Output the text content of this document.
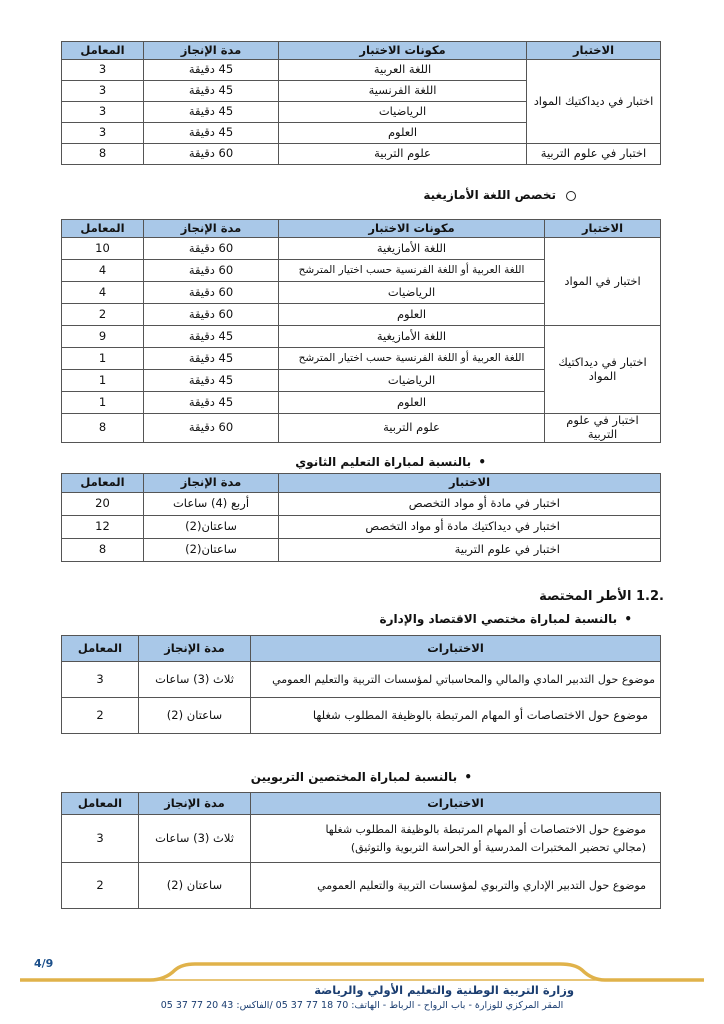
الاختبار	مكونات الاختبار	مدة الإنجاز	المعامل
اختبار في ديداكتيك المواد	اللغة العربية	45 دقيقة	3
	اللغة الفرنسية	45 دقيقة	3
	الرياضيات	45 دقيقة	3
	العلوم	45 دقيقة	3
اختبار في علوم التربية	علوم التربية	60 دقيقة	8
تخصص اللغة الأمازيغية
الاختبار	مكونات الاختبار	مدة الإنجاز	المعامل
اختبار في المواد	اللغة الأمازيغية	60 دقيقة	10
	اللغة العربية أو اللغة الفرنسية حسب اختيار المترشح	60 دقيقة	4
	الرياضيات	60 دقيقة	4
	العلوم	60 دقيقة	2
اختبار في ديداكتيك المواد	اللغة الأمازيغية	45 دقيقة	9
	اللغة العربية أو اللغة الفرنسية حسب اختيار المترشح	45 دقيقة	1
	الرياضيات	45 دقيقة	1
	العلوم	45 دقيقة	1
اختبار في علوم التربية	علوم التربية	60 دقيقة	8
• بالنسبة لمباراة التعليم الثانوي
الاختبار	مدة الإنجاز	المعامل
اختبار في مادة أو مواد التخصص	أربع (4) ساعات	20
اختبار في ديداكتيك مادة أو مواد التخصص	ساعتان(2)	12
اختبار في علوم التربية	ساعتان(2)	8
.1.2 الأطر المختصة
• بالنسبة لمباراة مختصي الاقتصاد والإدارة
الاختبارات	مدة الإنجاز	المعامل
موضوع حول التدبير المادي والمالي والمحاسباتي لمؤسسات التربية والتعليم العمومي	ثلاث (3) ساعات	3
موضوع حول الاختصاصات أو المهام المرتبطة بالوظيفة المطلوب شغلها	ساعتان (2)	2
• بالنسبة لمباراة المختصين التربويين
الاختبارات	مدة الإنجاز	المعامل

موضوع حول الاختصاصات أو المهام المرتبطة بالوظيفة المطلوب شغلها
(مجالي تحضير المختبرات المدرسية أو الحراسة التربوية والتوثيق)	ثلاث (3) ساعات	3

موضوع حول التدبير الإداري والتربوي لمؤسسات التربية والتعليم العمومي	ساعتان (2)	2
4/9
وزارة التربية الوطنية والتعليم الأولي والرياضة
المقر المركزي للوزارة - باب الرواح - الرباط - الهاتف: 70 18 77 37 05 /الفاكس: 43 20 77 37 05
